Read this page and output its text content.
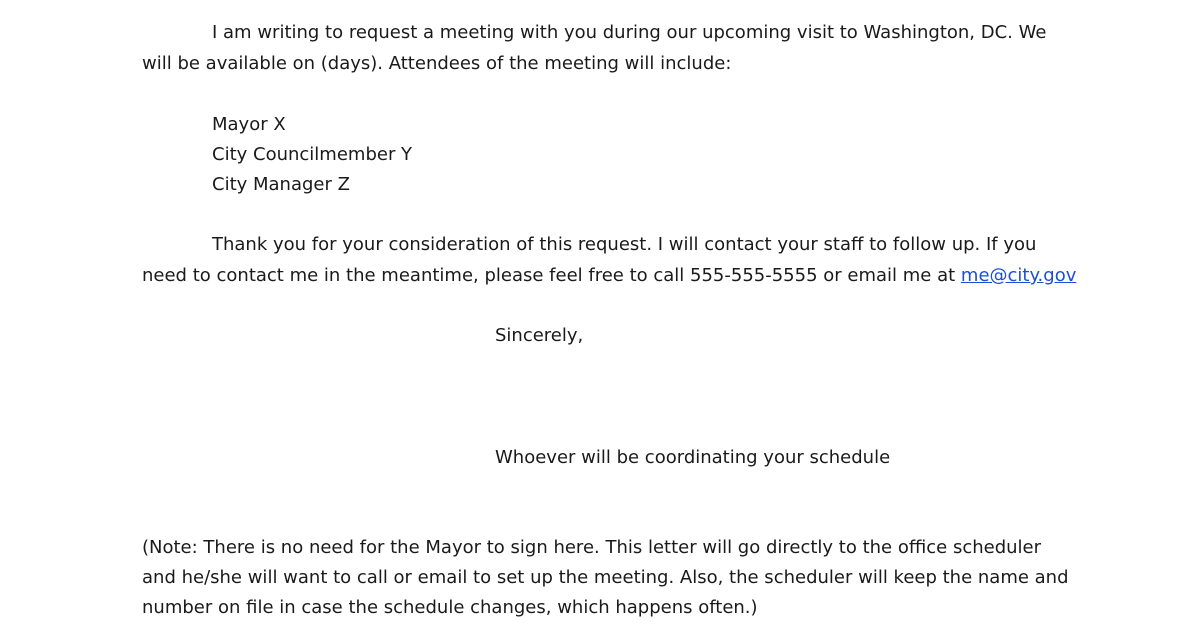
I am writing to request a meeting with you during our upcoming visit to Washington, DC. We
will be available on (days). Attendees of the meeting will include:
Mayor X
City Councilmember Y
City Manager Z
Thank you for your consideration of this request. I will contact your staff to follow up. If you
need to contact me in the meantime, please feel free to call 555-555-5555 or email me at me@city.gov
Sincerely,
Whoever will be coordinating your schedule
(Note: There is no need for the Mayor to sign here. This letter will go directly to the office scheduler
and he/she will want to call or email to set up the meeting. Also, the scheduler will keep the name and
number on file in case the schedule changes, which happens often.)
